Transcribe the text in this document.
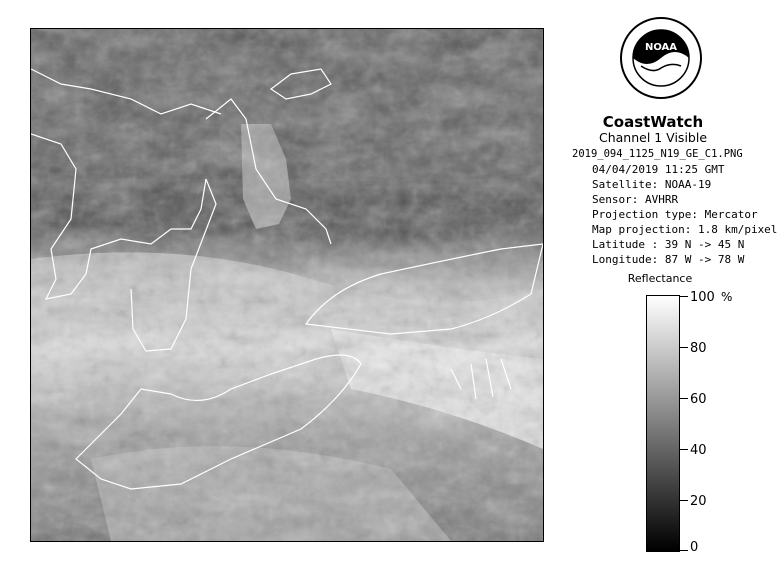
NOAA
CoastWatch
Channel 1 Visible
2019_094_1125_N19_GE_C1.PNG
04/04/2019 11:25 GMT
Satellite: NOAA-19
Sensor: AVHRR
Projection type: Mercator
Map projection: 1.8 km/pixel
Latitude : 39 N -> 45 N
Longitude: 87 W -> 78 W
Reflectance
%
100
80
60
40
20
0
